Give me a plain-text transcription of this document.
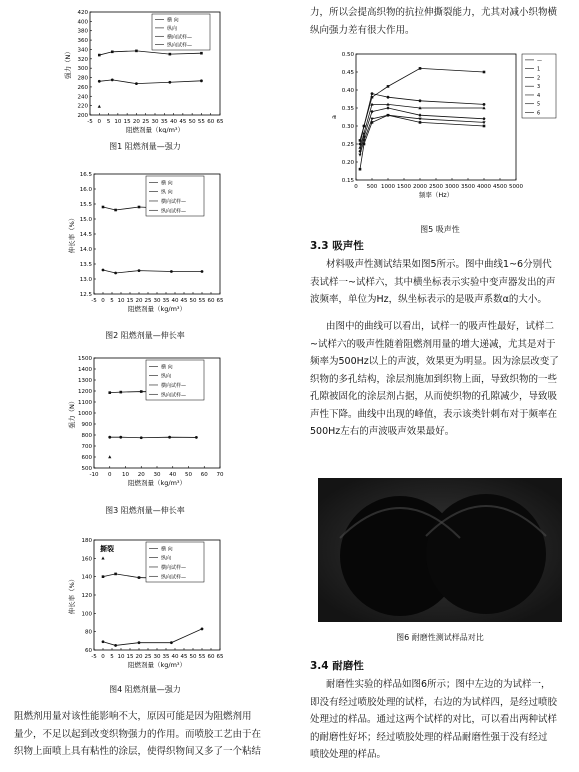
-5 0 5 10 15 20 25 30 35 40 45 50 55 60 65
200
220
240
260
280
300
320
340
360
380
400
420
阻燃剂量（kg/m³）
强力（N）
横 向
纵向
横向试样—
纵向试样—
图1 阻燃剂量—强力
-5 0 5 10 15 20 25 30 35 40 45 50 55 60 65
12.5
13.0
13.5
14.0
14.5
15.0
15.5
16.0
16.5
阻燃剂量（kg/m³）
伸长率（%）
横 向
纵 向
横向试样—
纵向试样—
图2 阻燃剂量—伸长率
-10 0 10 20 30 40 50 60 70
500
600
700
800
900
1000
1100
1200
1300
1400
1500
阻燃剂量（kg/m³）
强力（N）
横 向
纵向
横向试样—
纵向试样—
图3 阻燃剂量—伸长率
-5 0 5 10 15 20 25 30 35 40 45 50 55 60 65
60
80
100
120
140
160
180
阻燃剂量（kg/m³）
伸长率（%）
撕裂	横 向
纵向
横向试样—
纵向试样—
图4 阻燃剂量—强力
阻燃剂用量对该性能影响不大，原因可能是因为阻燃剂用
量少，不足以起到改变织物强力的作用。而喷胶工艺由于在
织物上面喷上具有粘性的涂层，使得织物间又多了一个粘结
力，所以会提高织物的抗拉伸撕裂能力，尤其对减小织物横
纵向强力差有很大作用。
0 500 1000 1500 2000 2500 3000 3500 4000 4500 5000
0.15
0.20
0.25
0.30
0.35
0.40
0.45
0.50
频率（Hz）
a
—
1
2
3
4
5
6
图5 吸声性
3.3 吸声性
材料吸声性测试结果如图5所示。图中曲线1~6分别代
表试样一~试样六，其中横坐标表示实验中变声器发出的声
波频率，单位为Hz，纵坐标表示的是吸声系数α的大小。
由图中的曲线可以看出，试样一的吸声性最好，试样二
~试样六的吸声性随着阻燃剂用量的增大递减，尤其是对于
频率为500Hz以上的声波，效果更为明显。因为涂层改变了
织物的多孔结构，涂层剂施加到织物上面，导致织物的一些
孔隙被固化的涂层剂占据，从而使织物的孔隙减少，导致吸
声性下降。曲线中出现的峰值，表示该类针刺布对于频率在
500Hz左右的声波吸声效果最好。
图6 耐磨性测试样品对比
3.4 耐磨性
耐磨性实验的样品如图6所示；图中左边的为试样一，
即没有经过喷胶处理的试样，右边的为试样四，是经过喷胶
处理过的样品。通过这两个试样的对比，可以看出两种试样
的耐磨性好坏；经过喷胶处理的样品耐磨性强于没有经过
喷胶处理的样品。
